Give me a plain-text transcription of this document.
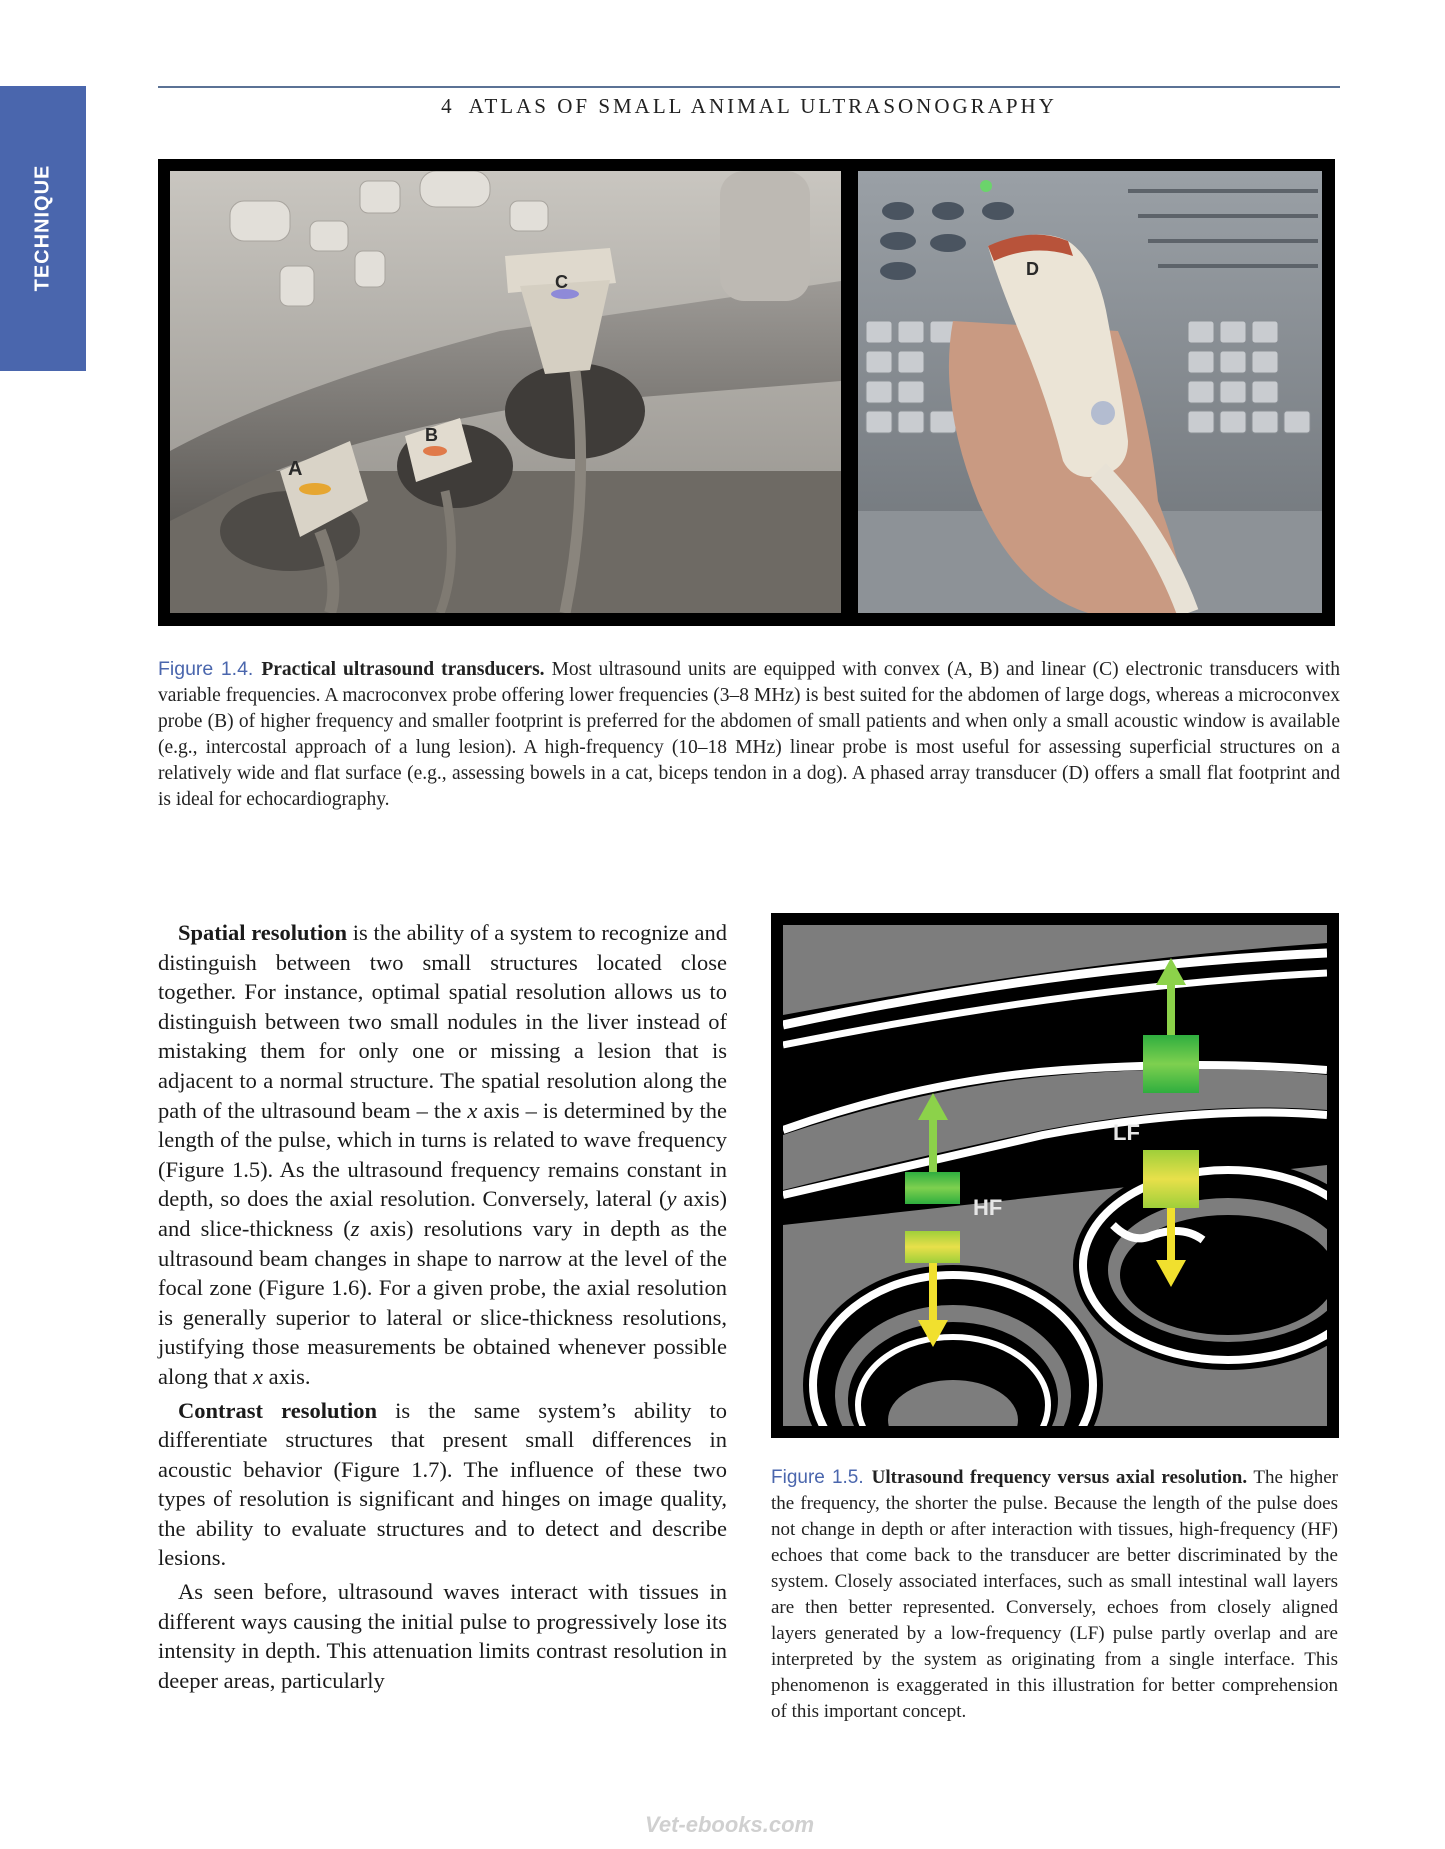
TECHNIQUE
4 ATLAS OF SMALL ANIMAL ULTRASONOGRAPHY
A
B
C
D
Figure 1.4. Practical ultrasound transducers. Most ultrasound units are equipped with convex (A, B) and linear (C) electronic transducers with variable frequencies. A macroconvex probe offering lower frequencies (3–8 MHz) is best suited for the abdomen of large dogs, whereas a microconvex probe (B) of higher frequency and smaller footprint is preferred for the abdomen of small patients and when only a small acoustic window is available (e.g., intercostal approach of a lung lesion). A high-frequency (10–18 MHz) linear probe is most useful for assessing superficial structures on a relatively wide and flat surface (e.g., assessing bowels in a cat, biceps tendon in a dog). A phased array transducer (D) offers a small flat footprint and is ideal for echocardiography.

Spatial resolution is the ability of a system to recognize and distinguish between two small structures located close together. For instance, optimal spatial resolution allows us to distinguish between two small nodules in the liver instead of mistaking them for only one or missing a lesion that is adjacent to a normal structure. The spatial resolution along the path of the ultrasound beam – the x axis – is determined by the length of the pulse, which in turns is related to wave frequency (Figure 1.5). As the ultrasound frequency remains constant in depth, so does the axial resolution. Conversely, lateral (y axis) and slice-thickness (z axis) resolutions vary in depth as the ultrasound beam changes in shape to narrow at the level of the focal zone (Figure 1.6). For a given probe, the axial resolution is generally superior to lateral or slice-thickness resolutions, justifying those measurements be obtained whenever possible along that x axis.

Contrast resolution is the same system’s ability to differentiate structures that present small differences in acoustic behavior (Figure 1.7). The influence of these two types of resolution is significant and hinges on image quality, the ability to evaluate structures and to detect and describe lesions.

As seen before, ultrasound waves interact with tissues in different ways causing the initial pulse to progressively lose its intensity in depth. This attenuation limits contrast resolution in deeper areas, particularly

HF
LF
Figure 1.5. Ultrasound frequency versus axial resolution. The higher the frequency, the shorter the pulse. Because the length of the pulse does not change in depth or after interaction with tissues, high-frequency (HF) echoes that come back to the transducer are better discriminated by the system. Closely associated interfaces, such as small intestinal wall layers are then better represented. Conversely, echoes from closely aligned layers generated by a low-frequency (LF) pulse partly overlap and are interpreted by the system as originating from a single interface. This phenomenon is exaggerated in this illustration for better comprehension of this important concept.
Vet-ebooks.com
